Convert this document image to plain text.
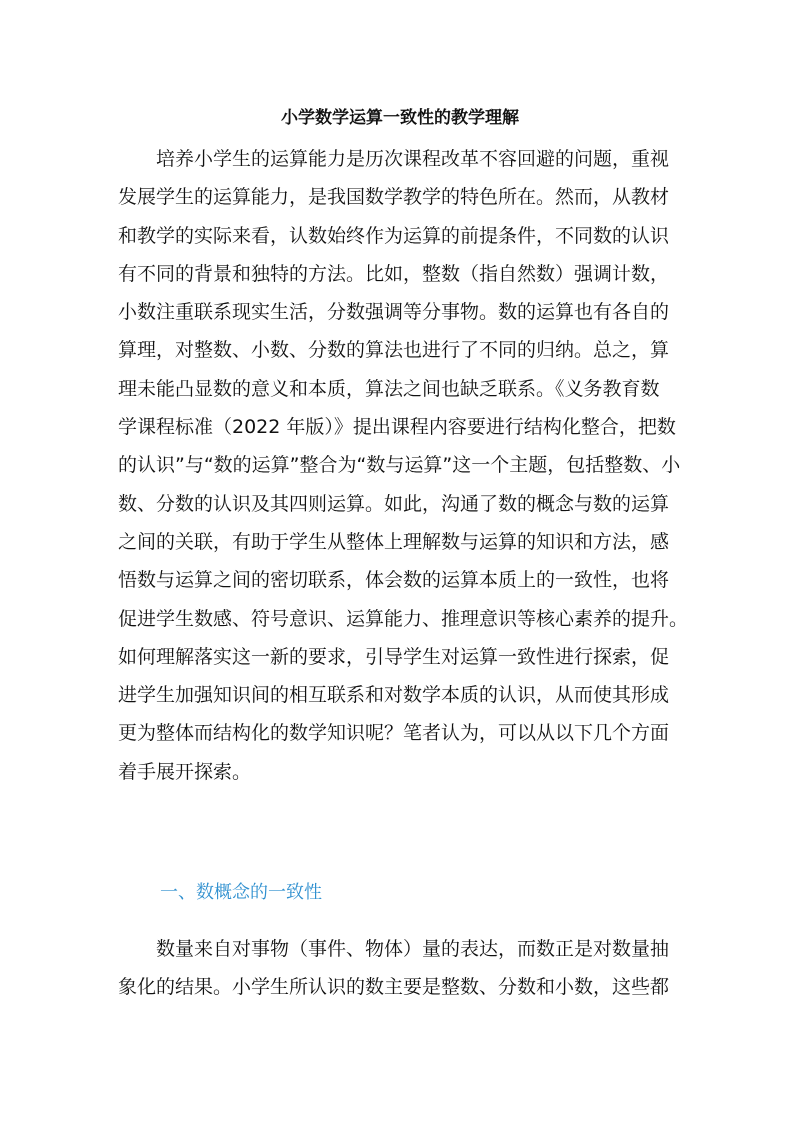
小学数学运算一致性的教学理解
　　培养小学生的运算能力是历次课程改革不容回避的问题，重视
发展学生的运算能力，是我国数学教学的特色所在。然而，从教材
和教学的实际来看，认数始终作为运算的前提条件，不同数的认识
有不同的背景和独特的方法。比如，整数（指自然数）强调计数，
小数注重联系现实生活，分数强调等分事物。数的运算也有各自的
算理，对整数、小数、分数的算法也进行了不同的归纳。总之，算
理未能凸显数的意义和本质，算法之间也缺乏联系。《义务教育数
学课程标准（2022 年版）》提出课程内容要进行结构化整合，把数
的认识”与“数的运算”整合为“数与运算”这一个主题，包括整数、小
数、分数的认识及其四则运算。如此，沟通了数的概念与数的运算
之间的关联，有助于学生从整体上理解数与运算的知识和方法，感
悟数与运算之间的密切联系，体会数的运算本质上的一致性，也将
促进学生数感、符号意识、运算能力、推理意识等核心素养的提升。
如何理解落实这一新的要求，引导学生对运算一致性进行探索，促
进学生加强知识间的相互联系和对数学本质的认识，从而使其形成
更为整体而结构化的数学知识呢？笔者认为，可以从以下几个方面
着手展开探索。
一、数概念的一致性
　　数量来自对事物（事件、物体）量的表达，而数正是对数量抽
象化的结果。小学生所认识的数主要是整数、分数和小数，这些都
